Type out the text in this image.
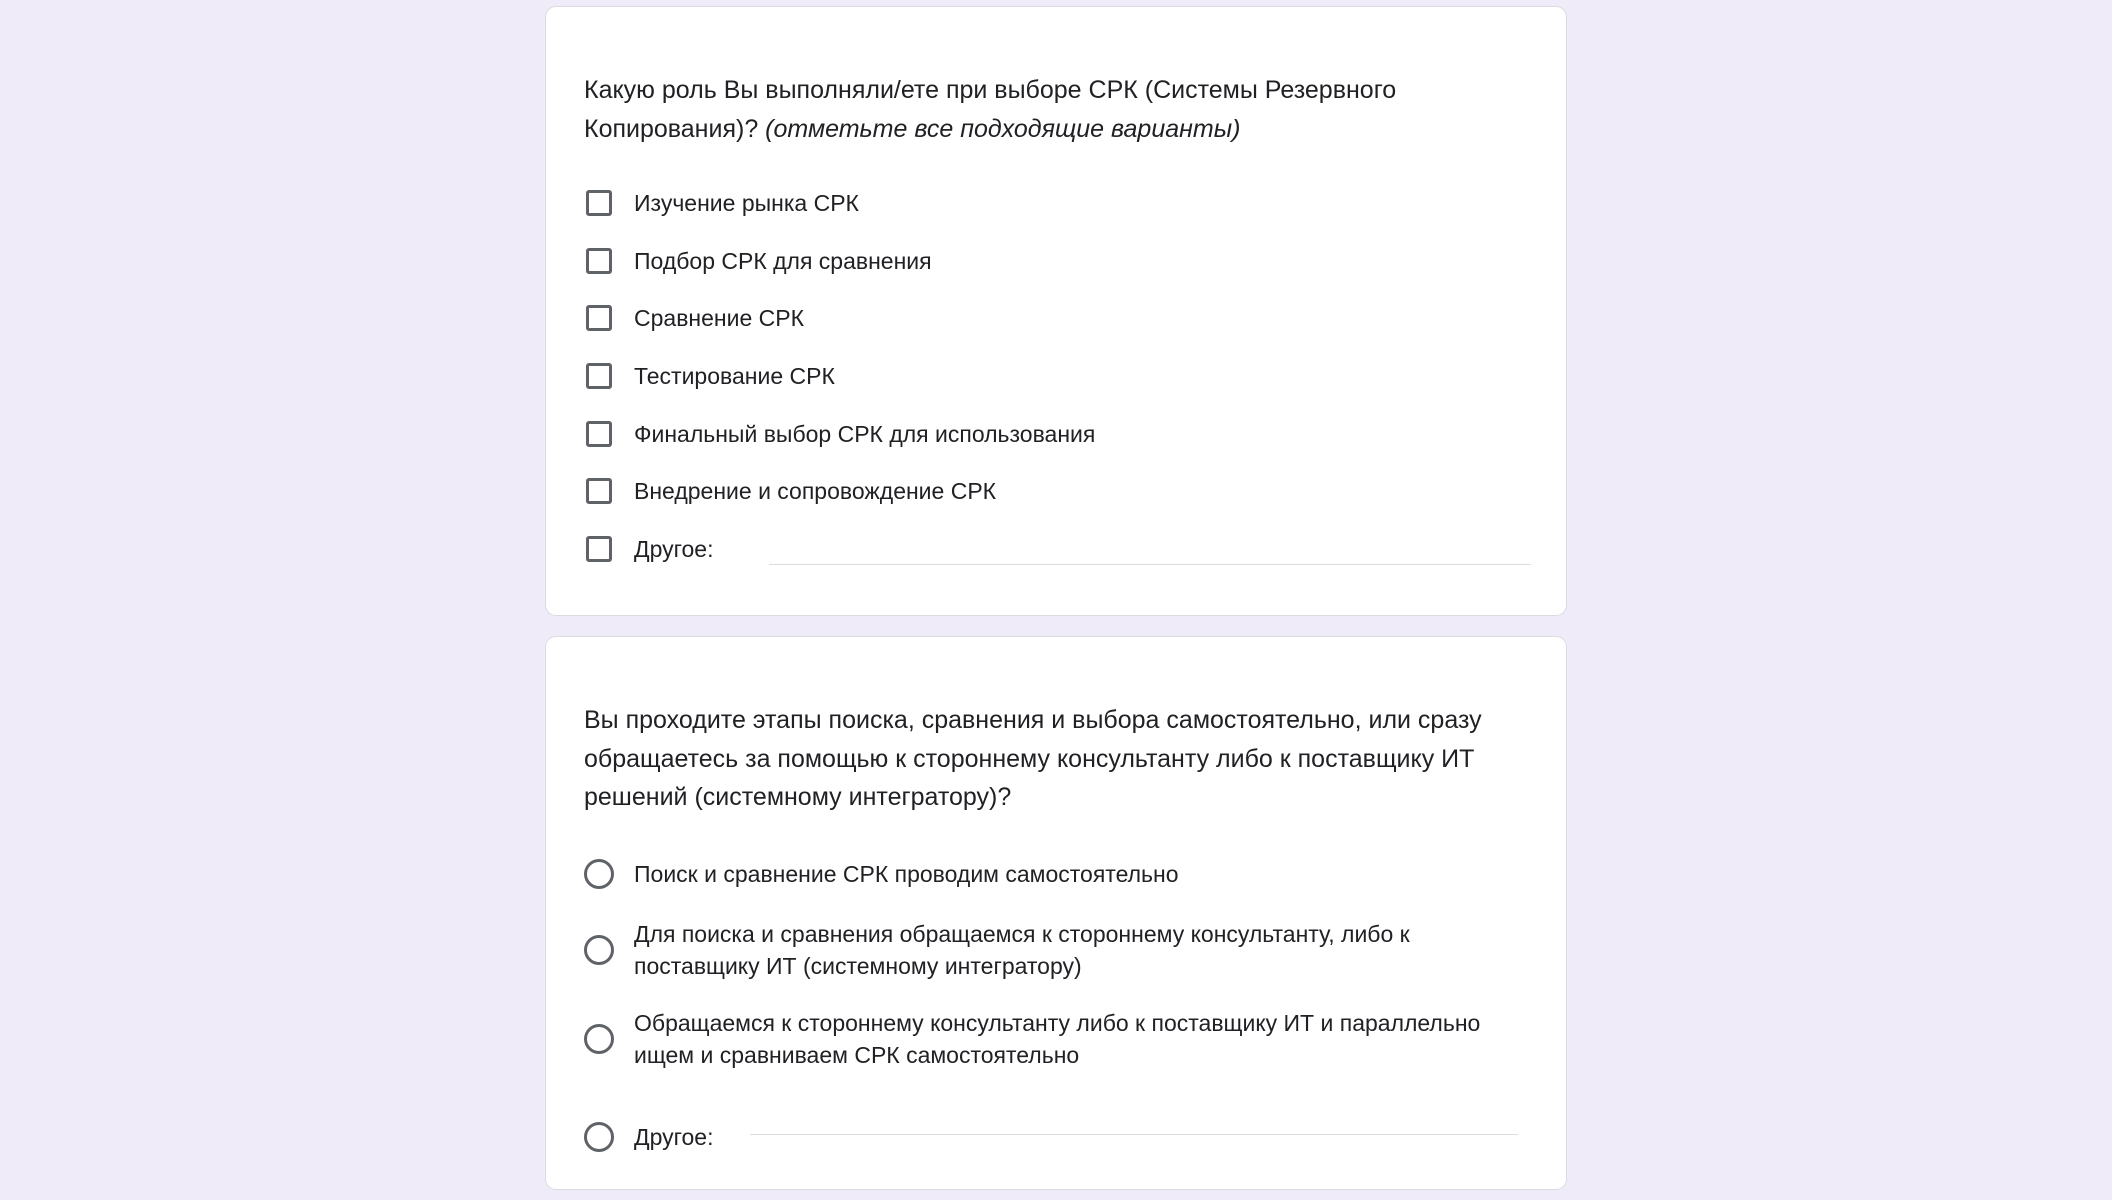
Какую роль Вы выполняли/ете при выборе СРК (Системы Резервного Копирования)? (отметьте все подходящие варианты)
Изучение рынка СРК
Подбор СРК для сравнения
Сравнение СРК
Тестирование СРК
Финальный выбор СРК для использования
Внедрение и сопровождение СРК
Другое:
Вы проходите этапы поиска, сравнения и выбора самостоятельно, или сразу обращаетесь за помощью к стороннему консультанту либо к поставщику ИТ решений (системному интегратору)?
Поиск и сравнение СРК проводим самостоятельно
Для поиска и сравнения обращаемся к стороннему консультанту, либо к поставщику ИТ (системному интегратору)
Обращаемся к стороннему консультанту либо к поставщику ИТ и параллельно ищем и сравниваем СРК самостоятельно
Другое:
